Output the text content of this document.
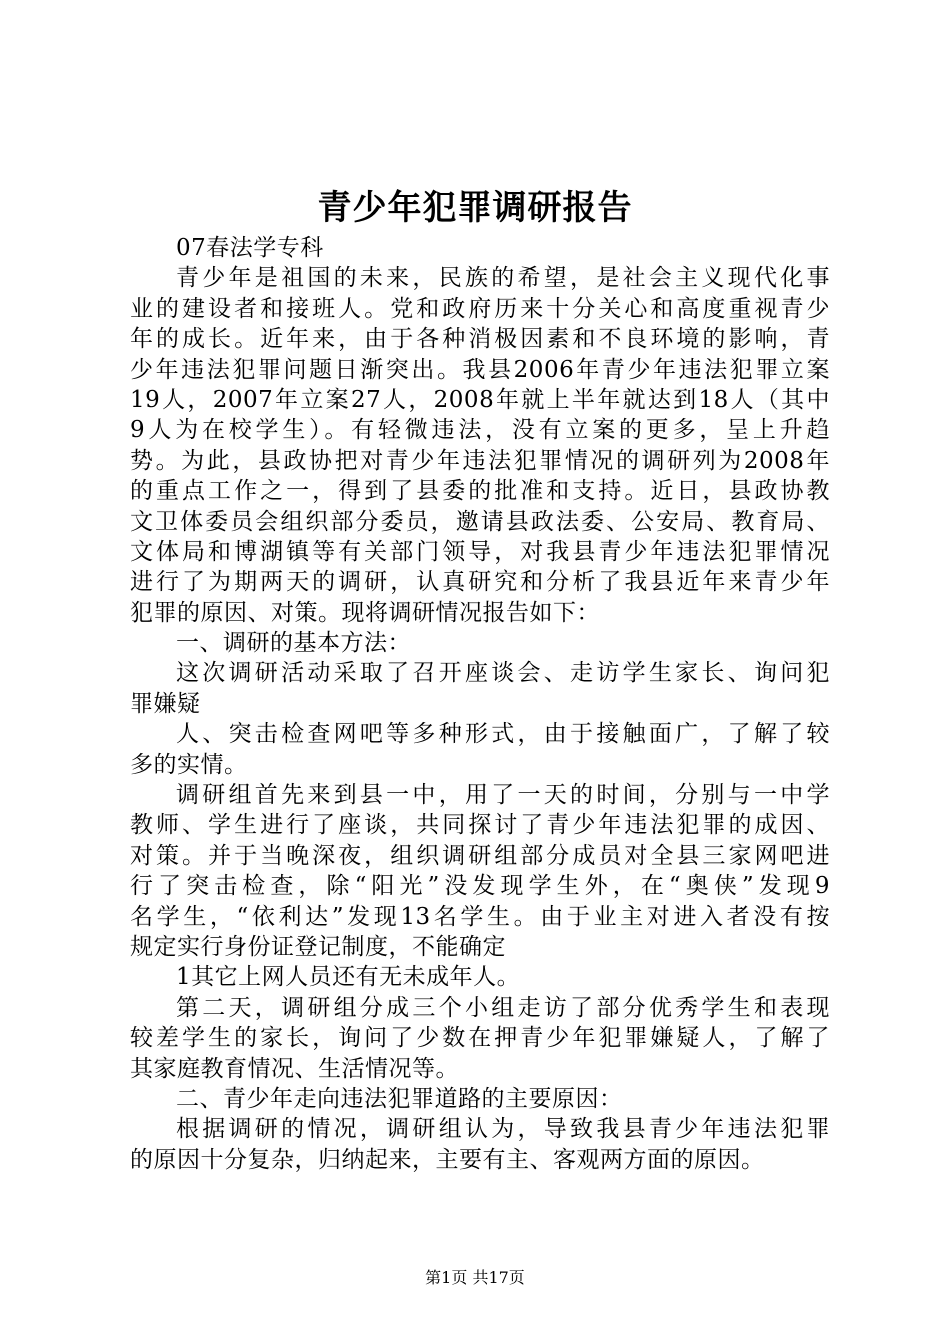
青少年犯罪调研报告
07春法学专科
青少年是祖国的未来，民族的希望，是社会主义现代化事
业的建设者和接班人。党和政府历来十分关心和高度重视青少
年的成长。近年来，由于各种消极因素和不良环境的影响，青
少年违法犯罪问题日渐突出。我县2006年青少年违法犯罪立案
19人，2007年立案27人，2008年就上半年就达到18人（其中
9人为在校学生）。有轻微违法，没有立案的更多，呈上升趋
势。为此，县政协把对青少年违法犯罪情况的调研列为2008年
的重点工作之一，得到了县委的批准和支持。近日，县政协教
文卫体委员会组织部分委员，邀请县政法委、公安局、教育局、
文体局和博湖镇等有关部门领导，对我县青少年违法犯罪情况
进行了为期两天的调研，认真研究和分析了我县近年来青少年
犯罪的原因、对策。现将调研情况报告如下：
一、调研的基本方法：
这次调研活动采取了召开座谈会、走访学生家长、询问犯
罪嫌疑
人、突击检查网吧等多种形式，由于接触面广，了解了较
多的实情。
调研组首先来到县一中，用了一天的时间，分别与一中学
教师、学生进行了座谈，共同探讨了青少年违法犯罪的成因、
对策。并于当晚深夜，组织调研组部分成员对全县三家网吧进
行了突击检查，除“阳光”没发现学生外，在“奥侠”发现9
名学生，“依利达”发现13名学生。由于业主对进入者没有按
规定实行身份证登记制度，不能确定
1其它上网人员还有无未成年人。
第二天，调研组分成三个小组走访了部分优秀学生和表现
较差学生的家长，询问了少数在押青少年犯罪嫌疑人，了解了
其家庭教育情况、生活情况等。
二、青少年走向违法犯罪道路的主要原因：
根据调研的情况，调研组认为，导致我县青少年违法犯罪
的原因十分复杂，归纳起来，主要有主、客观两方面的原因。
第1页 共17页
